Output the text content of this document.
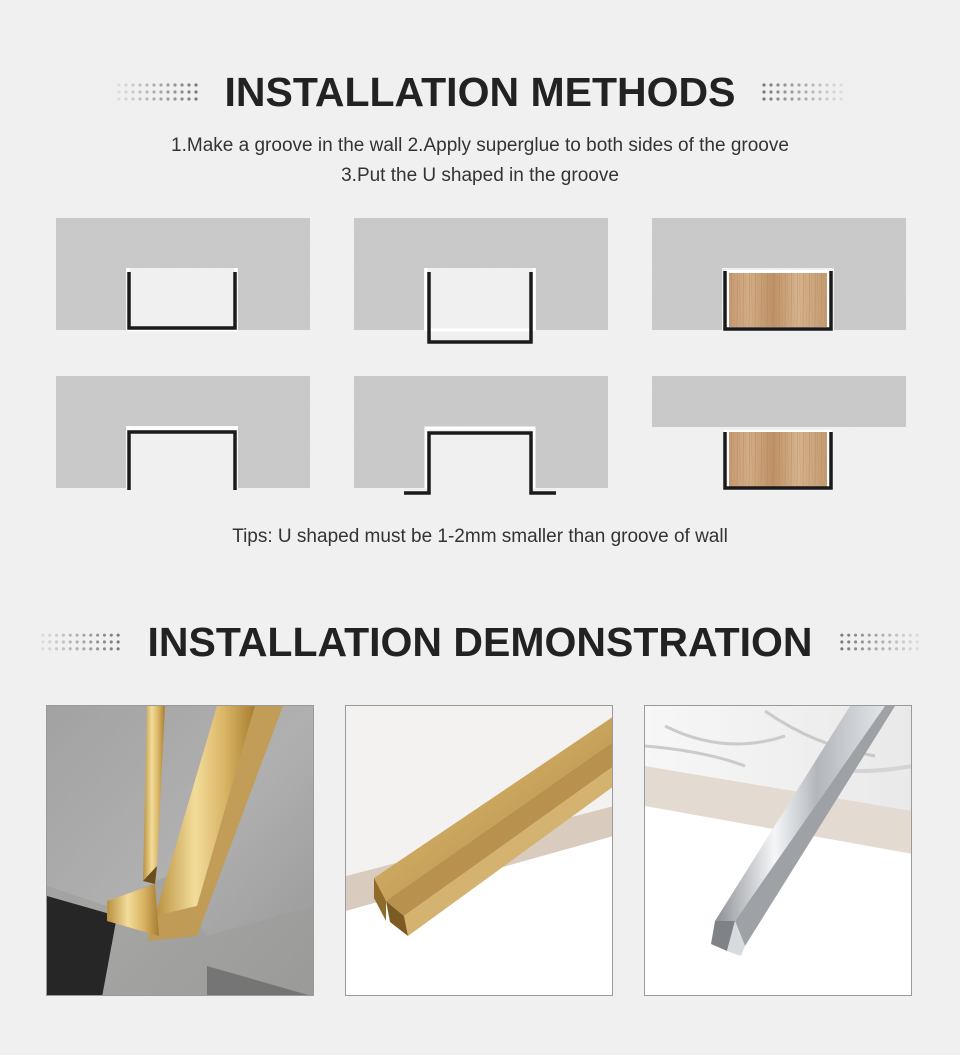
INSTALLATION METHODS

1.Make a groove in the wall 2.Apply superglue to both sides of the groove 3.Put the U shaped in the groove

Tips: U shaped must be 1-2mm smaller than groove of wall

INSTALLATION DEMONSTRATION
